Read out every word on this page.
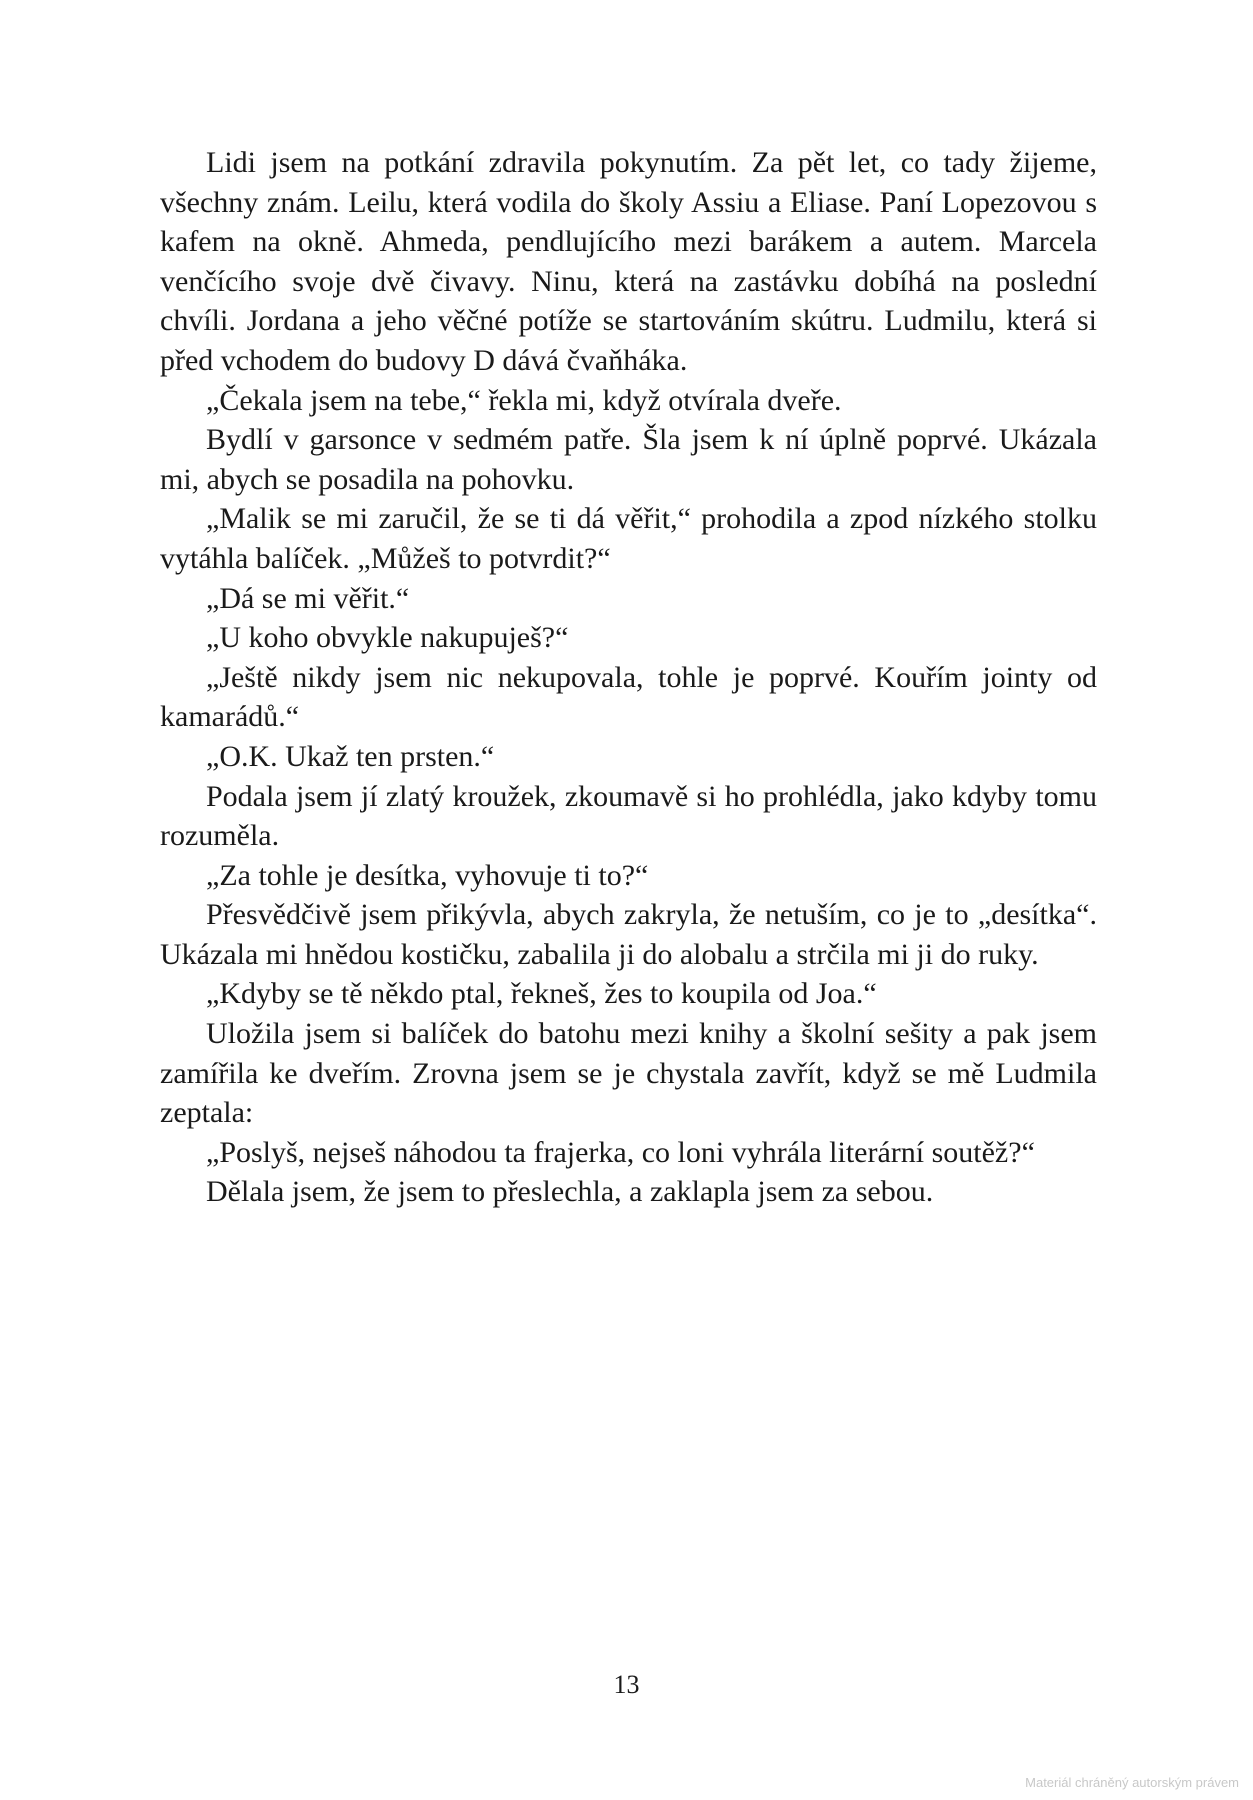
Lidi jsem na potkání zdravila pokynutím. Za pět let, co tady žijeme, všechny znám. Leilu, která vodila do školy Assiu a Eliase. Paní Lopezovou s kafem na okně. Ahmeda, pendlujícího mezi barákem a autem. Marcela venčícího svoje dvě čivavy. Ninu, která na zastávku dobíhá na poslední chvíli. Jordana a jeho věčné potíže se startováním skútru. Ludmilu, která si před vchodem do budovy D dává čvaňháka.

„Čekala jsem na tebe,“ řekla mi, když otvírala dveře.

Bydlí v garsonce v sedmém patře. Šla jsem k ní úplně poprvé. Ukázala mi, abych se posadila na pohovku.

„Malik se mi zaručil, že se ti dá věřit,“ prohodila a zpod nízkého stolku vytáhla balíček. „Můžeš to potvrdit?“

„Dá se mi věřit.“

„U koho obvykle nakupuješ?“

„Ještě nikdy jsem nic nekupovala, tohle je poprvé. Kouřím jointy od kamarádů.“

„O.K. Ukaž ten prsten.“

Podala jsem jí zlatý kroužek, zkoumavě si ho prohlédla, jako kdyby tomu rozuměla.

„Za tohle je desítka, vyhovuje ti to?“

Přesvědčivě jsem přikývla, abych zakryla, že netuším, co je to „desítka“. Ukázala mi hnědou kostičku, zabalila ji do alobalu a strčila mi ji do ruky.

„Kdyby se tě někdo ptal, řekneš, žes to koupila od Joa.“

Uložila jsem si balíček do batohu mezi knihy a školní sešity a pak jsem zamířila ke dveřím. Zrovna jsem se je chystala zavřít, když se mě Ludmila zeptala:

„Poslyš, nejseš náhodou ta frajerka, co loni vyhrála literární soutěž?“

Dělala jsem, že jsem to přeslechla, a zaklapla jsem za sebou.

13
Materiál chráněný autorským právem
